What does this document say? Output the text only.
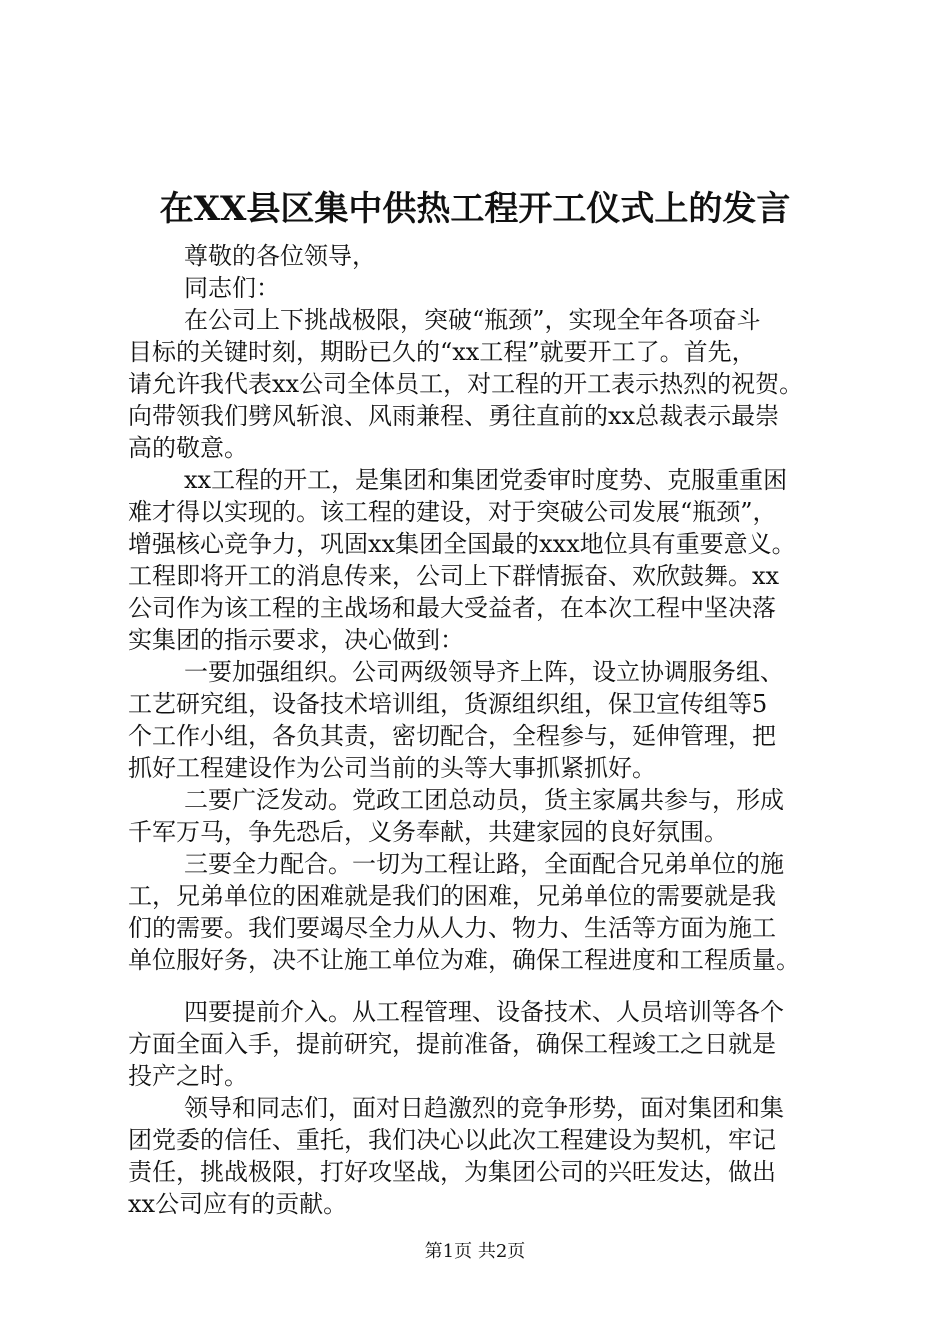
在XX县区集中供热工程开工仪式上的发言
尊敬的各位领导，
同志们：
在公司上下挑战极限，突破“瓶颈”，实现全年各项奋斗
目标的关键时刻，期盼已久的“xx工程”就要开工了。首先，
请允许我代表xx公司全体员工，对工程的开工表示热烈的祝贺。
向带领我们劈风斩浪、风雨兼程、勇往直前的xx总裁表示最崇
高的敬意。
xx工程的开工，是集团和集团党委审时度势、克服重重困
难才得以实现的。该工程的建设，对于突破公司发展“瓶颈”，
增强核心竞争力，巩固xx集团全国最的xxx地位具有重要意义。
工程即将开工的消息传来，公司上下群情振奋、欢欣鼓舞。xx
公司作为该工程的主战场和最大受益者，在本次工程中坚决落
实集团的指示要求，决心做到：
一要加强组织。公司两级领导齐上阵，设立协调服务组、
工艺研究组，设备技术培训组，货源组织组，保卫宣传组等5
个工作小组，各负其责，密切配合，全程参与，延伸管理，把
抓好工程建设作为公司当前的头等大事抓紧抓好。
二要广泛发动。党政工团总动员，货主家属共参与，形成
千军万马，争先恐后，义务奉献，共建家园的良好氛围。
三要全力配合。一切为工程让路，全面配合兄弟单位的施
工，兄弟单位的困难就是我们的困难，兄弟单位的需要就是我
们的需要。我们要竭尽全力从人力、物力、生活等方面为施工
单位服好务，决不让施工单位为难，确保工程进度和工程质量。
四要提前介入。从工程管理、设备技术、人员培训等各个
方面全面入手，提前研究，提前准备，确保工程竣工之日就是
投产之时。
领导和同志们，面对日趋激烈的竞争形势，面对集团和集
团党委的信任、重托，我们决心以此次工程建设为契机，牢记
责任，挑战极限，打好攻坚战，为集团公司的兴旺发达，做出
xx公司应有的贡献。
第1页 共2页
